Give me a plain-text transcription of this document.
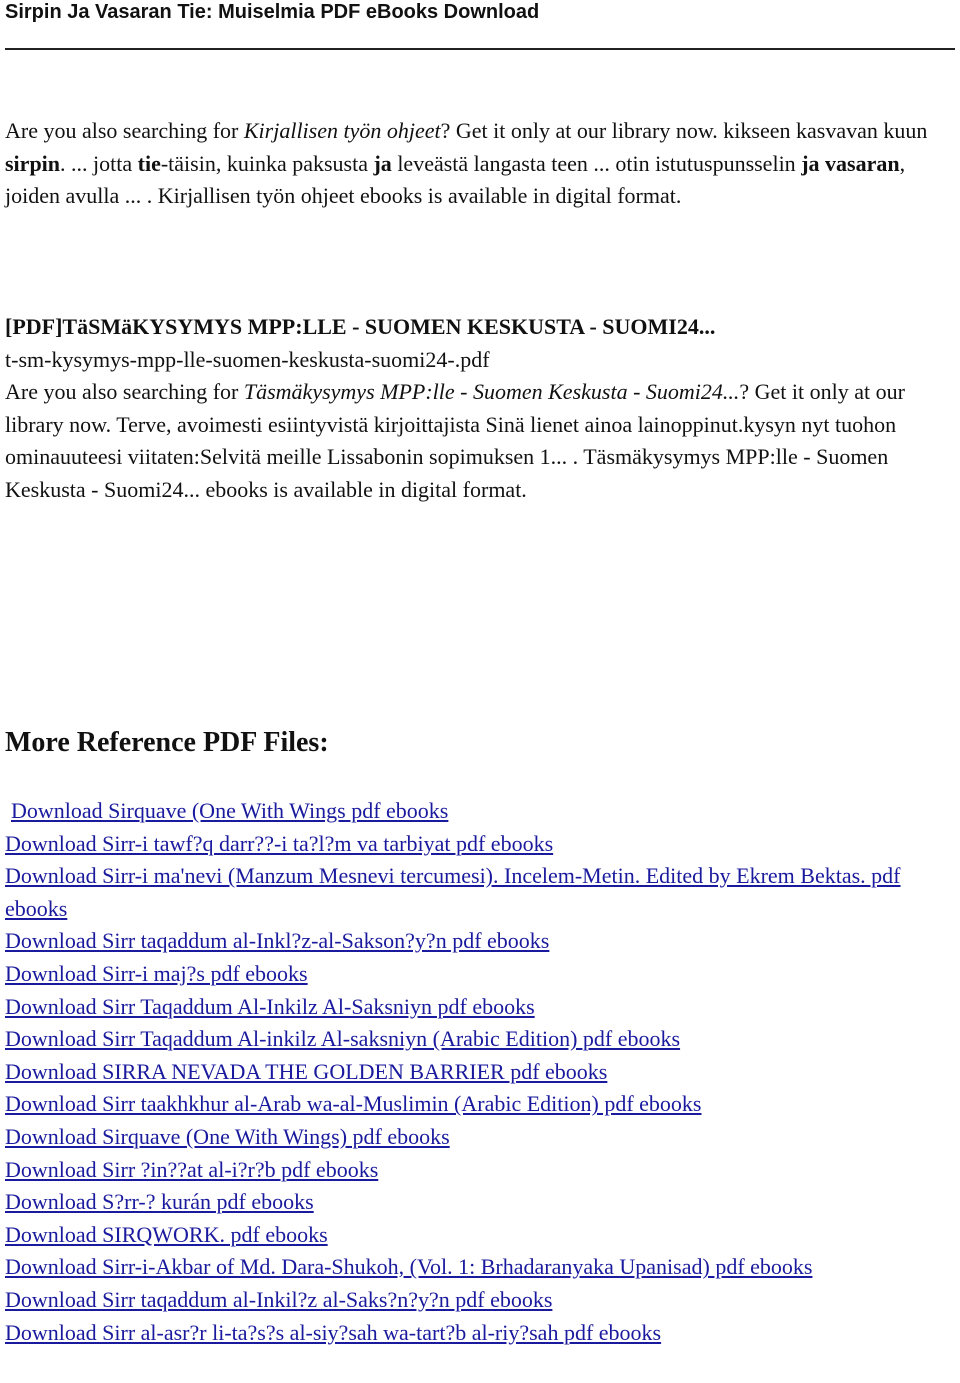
Sirpin Ja Vasaran Tie: Muiselmia PDF eBooks Download

Are you also searching for Kirjallisen työn ohjeet? Get it only at our library now. kikseen kasvavan kuun sirpin. ... jotta tie-täisin, kuinka paksusta ja leveästä langasta teen ... otin istutuspunsselin ja vasaran, joiden avulla ... . Kirjallisen työn ohjeet ebooks is available in digital format.

[PDF]TäSMäKYSYMYS MPP:LLE - SUOMEN KESKUSTA - SUOMI24...
t-sm-kysymys-mpp-lle-suomen-keskusta-suomi24-.pdf
Are you also searching for Täsmäkysymys MPP:lle - Suomen Keskusta - Suomi24...? Get it only at our library now. Terve, avoimesti esiintyvistä kirjoittajista Sinä lienet ainoa lainoppinut.kysyn nyt tuohon ominauuteesi viitaten:Selvitä meille Lissabonin sopimuksen 1... . Täsmäkysymys MPP:lle - Suomen Keskusta - Suomi24... ebooks is available in digital format.
More Reference PDF Files:
Download Sirquave (One With Wings pdf ebooks
Download Sirr-i tawf?q darr??-i ta?l?m va tarbiyat pdf ebooks
Download Sirr-i ma'nevi (Manzum Mesnevi tercumesi). Incelem-Metin. Edited by Ekrem Bektas. pdf ebooks
Download Sirr taqaddum al-Inkl?z-al-Sakson?y?n pdf ebooks
Download Sirr-i maj?s pdf ebooks
Download Sirr Taqaddum Al-Inkilz Al-Saksniyn pdf ebooks
Download Sirr Taqaddum Al-inkilz Al-saksniyn (Arabic Edition) pdf ebooks
Download SIRRA NEVADA THE GOLDEN BARRIER pdf ebooks
Download Sirr taakhkhur al-Arab wa-al-Muslimin (Arabic Edition) pdf ebooks
Download Sirquave (One With Wings) pdf ebooks
Download Sirr ?in??at al-i?r?b pdf ebooks
Download S?rr-? kurán pdf ebooks
Download SIRQWORK. pdf ebooks
Download Sirr-i-Akbar of Md. Dara-Shukoh, (Vol. 1: Brhadaranyaka Upanisad) pdf ebooks
Download Sirr taqaddum al-Inkil?z al-Saks?n?y?n pdf ebooks
Download Sirr al-asr?r li-ta?s?s al-siy?sah wa-tart?b al-riy?sah pdf ebooks
